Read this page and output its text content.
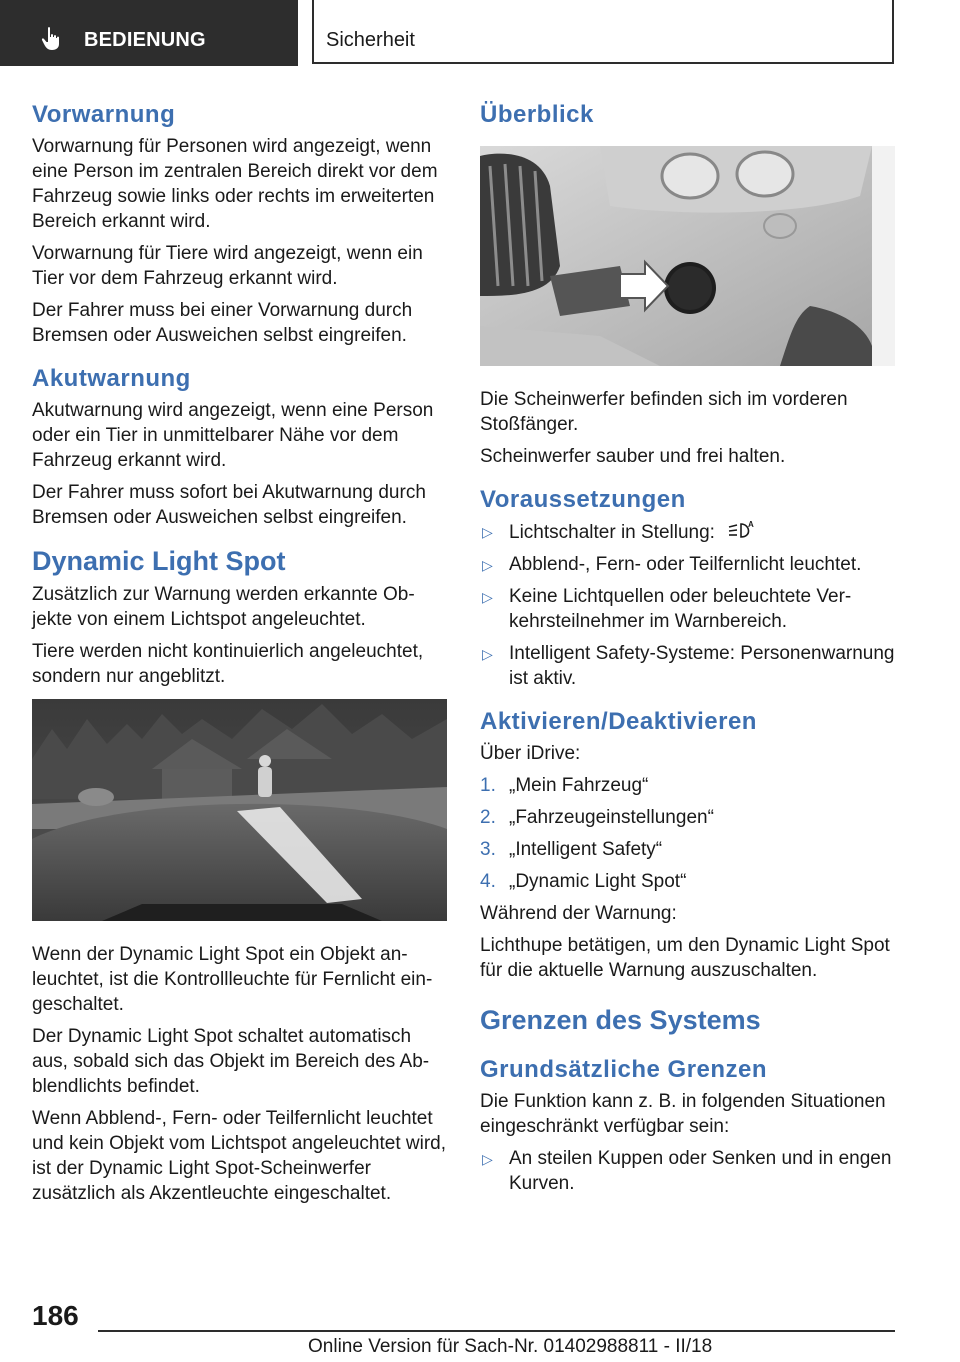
BEDIENUNG	Sicherheit
Vorwarnung

Vorwarnung für Personen wird angezeigt, wenn eine Person im zentralen Bereich direkt vor dem Fahrzeug sowie links oder rechts im erweiterten Bereich erkannt wird.

Vorwarnung für Tiere wird angezeigt, wenn ein Tier vor dem Fahrzeug erkannt wird.

Der Fahrer muss bei einer Vorwarnung durch Bremsen oder Ausweichen selbst eingreifen.

Akutwarnung

Akutwarnung wird angezeigt, wenn eine Person oder ein Tier in unmittelbarer Nähe vor dem Fahrzeug erkannt wird.

Der Fahrer muss sofort bei Akutwarnung durch Bremsen oder Ausweichen selbst eingreifen.

Dynamic Light Spot

Zusätzlich zur Warnung werden erkannte Objekte von einem Lichtspot angeleuchtet.

Tiere werden nicht kontinuierlich angeleuchtet, sondern nur angeblitzt.

Wenn der Dynamic Light Spot ein Objekt anleuchtet, ist die Kontrollleuchte für Fernlicht eingeschaltet.

Der Dynamic Light Spot schaltet automatisch aus, sobald sich das Objekt im Bereich des Abblendlichts befindet.

Wenn Abblend-, Fern- oder Teilfernlicht leuchtet und kein Objekt vom Lichtspot angeleuchtet wird, ist der Dynamic Light Spot-Scheinwerfer zusätzlich als Akzentleuchte eingeschaltet.

Überblick

Die Scheinwerfer befinden sich im vorderen Stoßfänger.

Scheinwerfer sauber und frei halten.

Voraussetzungen
▷ Lichtschalter in Stellung:	A
▷ Abblend-, Fern- oder Teilfernlicht leuchtet.
▷ Keine Lichtquellen oder beleuchtete Verkehrsteilnehmer im Warnbereich.
▷ Intelligent Safety-Systeme: Personenwarnung ist aktiv.
Aktivieren/Deaktivieren

Über iDrive:

1. „Mein Fahrzeug“
2. „Fahrzeugeinstellungen“
3. „Intelligent Safety“
4. „Dynamic Light Spot“

Während der Warnung:

Lichthupe betätigen, um den Dynamic Light Spot für die aktuelle Warnung auszuschalten.

Grenzen des Systems
Grundsätzliche Grenzen

Die Funktion kann z. B. in folgenden Situationen eingeschränkt verfügbar sein:

▷ An steilen Kuppen oder Senken und in engen Kurven.
186
Online Version für Sach-Nr. 01402988811 - II/18
